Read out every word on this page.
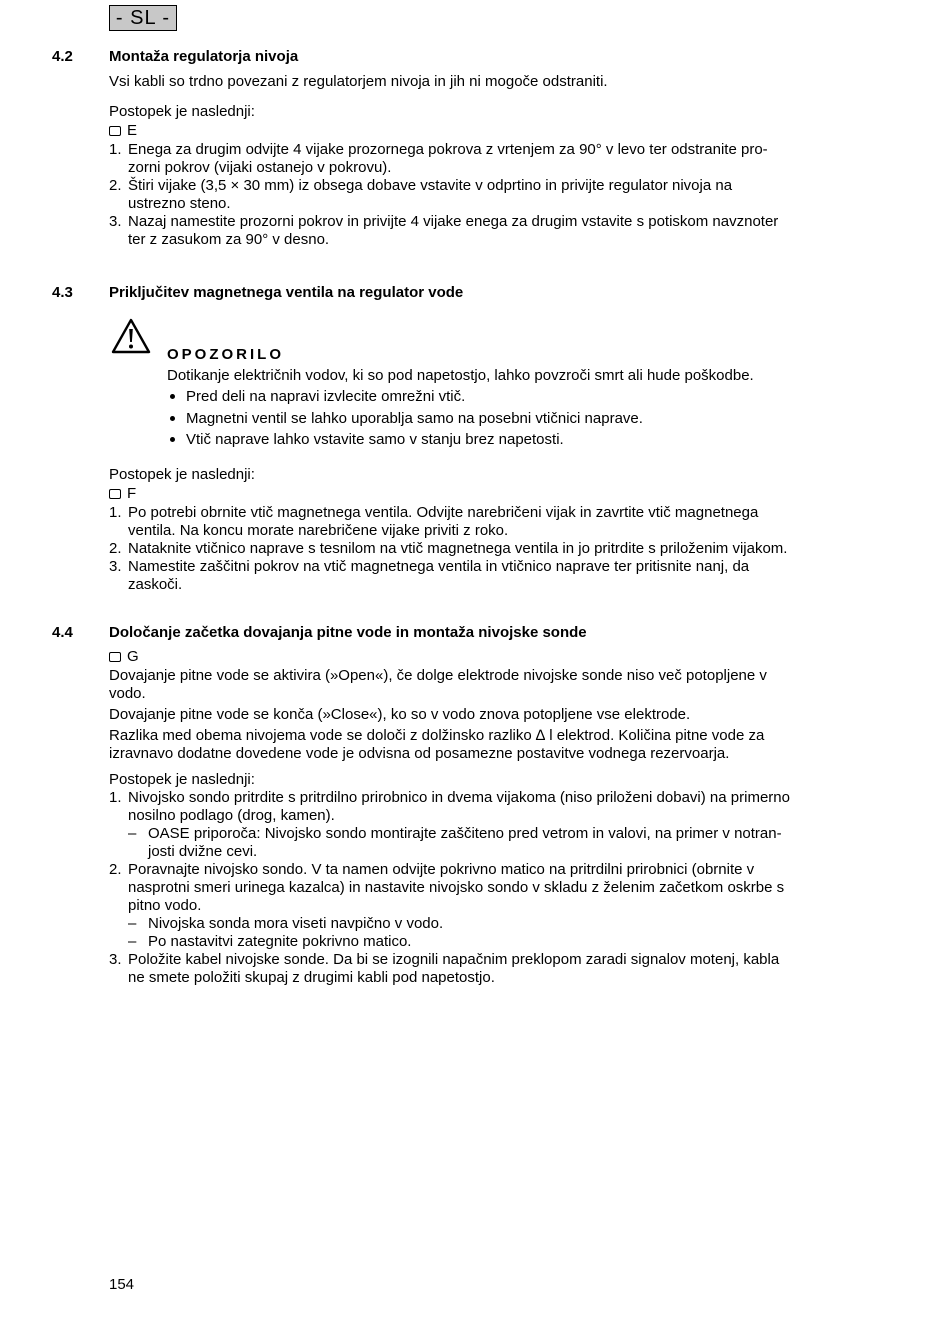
- SL -
4.2 Montaža regulatorja nivoja

Vsi kabli so trdno povezani z regulatorjem nivoja in jih ni mogoče odstraniti.

Postopek je naslednji:

E
1. Enega za drugim odvijte 4 vijake prozornega pokrova z vrtenjem za 90° v levo ter odstranite pro-
zorni pokrov (vijaki ostanejo v pokrovu).
2. Štiri vijake (3,5 × 30 mm) iz obsega dobave vstavite v odprtino in privijte regulator nivoja na
ustrezno steno.
3. Nazaj namestite prozorni pokrov in privijte 4 vijake enega za drugim vstavite s potiskom navznoter
ter z zasukom za 90° v desno.
4.3 Priključitev magnetnega ventila na regulator vode
OPOZORILO

Dotikanje električnih vodov, ki so pod napetostjo, lahko povzroči smrt ali hude poškodbe.

Pred deli na napravi izvlecite omrežni vtič.
Magnetni ventil se lahko uporablja samo na posebni vtičnici naprave.
Vtič naprave lahko vstavite samo v stanju brez napetosti.

Postopek je naslednji:

F
1. Po potrebi obrnite vtič magnetnega ventila. Odvijte narebričeni vijak in zavrtite vtič magnetnega
ventila. Na koncu morate narebričene vijake priviti z roko.
2. Nataknite vtičnico naprave s tesnilom na vtič magnetnega ventila in jo pritrdite s priloženim vijakom.
3. Namestite zaščitni pokrov na vtič magnetnega ventila in vtičnico naprave ter pritisnite nanj, da
zaskoči.
4.4 Določanje začetka dovajanja pitne vode in montaža nivojske sonde
G

Dovajanje pitne vode se aktivira (»Open«), če dolge elektrode nivojske sonde niso več potopljene v
vodo.

Dovajanje pitne vode se konča (»Close«), ko so v vodo znova potopljene vse elektrode.

Razlika med obema nivojema vode se določi z dolžinsko razliko ∆ l elektrod. Količina pitne vode za
izravnavo dodatne dovedene vode je odvisna od posamezne postavitve vodnega rezervoarja.

Postopek je naslednji:

1. Nivojsko sondo pritrdite s pritrdilno prirobnico in dvema vijakoma (niso priloženi dobavi) na primerno
nosilno podlago (drog, kamen).
– OASE priporoča: Nivojsko sondo montirajte zaščiteno pred vetrom in valovi, na primer v notran-
josti dvižne cevi.
2. Poravnajte nivojsko sondo. V ta namen odvijte pokrivno matico na pritrdilni prirobnici (obrnite v
nasprotni smeri urinega kazalca) in nastavite nivojsko sondo v skladu z želenim začetkom oskrbe s
pitno vodo.
– Nivojska sonda mora viseti navpično v vodo.
– Po nastavitvi zategnite pokrivno matico.
3. Položite kabel nivojske sonde. Da bi se izognili napačnim preklopom zaradi signalov motenj, kabla
ne smete položiti skupaj z drugimi kabli pod napetostjo.
154
